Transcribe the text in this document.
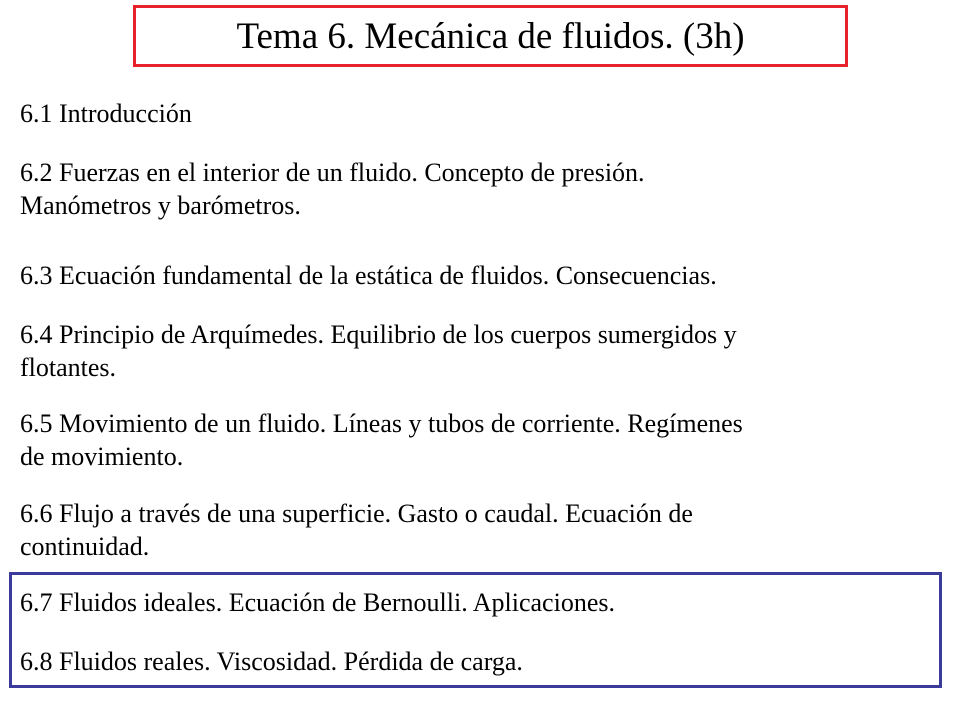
Tema 6. Mecánica de fluidos. (3h)

6.1 Introducción

6.2 Fuerzas en el interior de un fluido. Concepto de presión.
Manómetros y barómetros.

6.3 Ecuación fundamental de la estática de fluidos. Consecuencias.

6.4 Principio de Arquímedes. Equilibrio de los cuerpos sumergidos y
flotantes.
6.5 Movimiento de un fluido. Líneas y tubos de corriente. Regímenes
de movimiento.
6.6 Flujo a través de una superficie. Gasto o caudal. Ecuación de
continuidad.

6.7 Fluidos ideales. Ecuación de Bernoulli. Aplicaciones.

6.8 Fluidos reales. Viscosidad. Pérdida de carga.
